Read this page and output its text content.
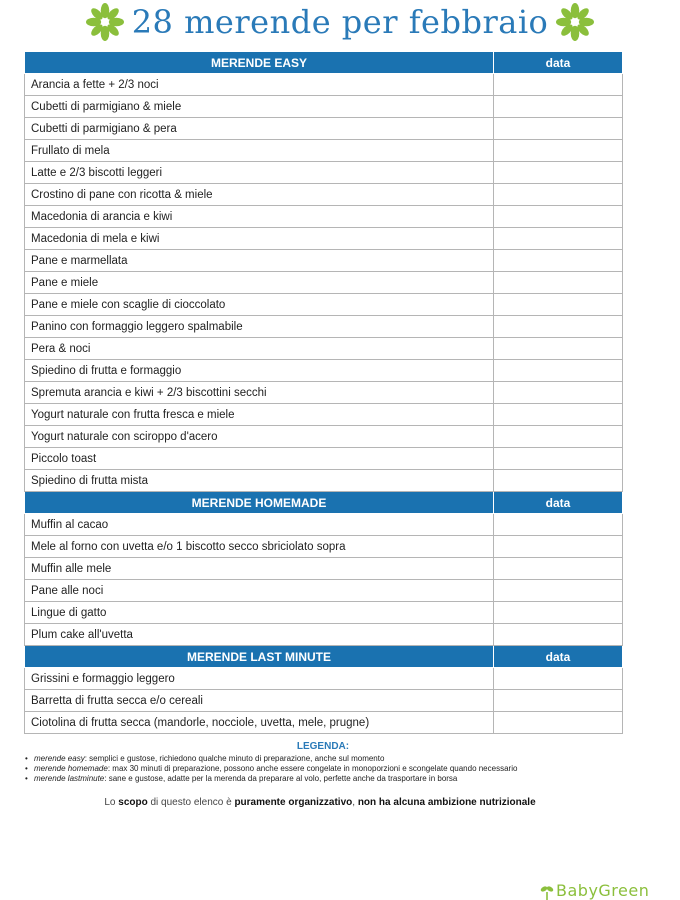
28 merende per febbraio
MERENDE EASY	data
Arancia a fette + 2/3 noci	
Cubetti di parmigiano & miele	
Cubetti di parmigiano & pera	
Frullato di mela	
Latte e 2/3 biscotti leggeri	
Crostino di pane con ricotta & miele	
Macedonia di arancia e kiwi	
Macedonia di mela e kiwi	
Pane e marmellata	
Pane e miele	
Pane e miele con scaglie di cioccolato	
Panino con formaggio leggero spalmabile	
Pera & noci	
Spiedino di frutta e formaggio	
Spremuta arancia e kiwi + 2/3 biscottini secchi	
Yogurt naturale con frutta fresca e miele	
Yogurt naturale con sciroppo d'acero	
Piccolo toast	
Spiedino di frutta mista	
MERENDE HOMEMADE	data
Muffin al cacao	
Mele al forno con uvetta e/o 1 biscotto secco sbriciolato sopra	
Muffin alle mele	
Pane alle noci	
Lingue di gatto	
Plum cake all'uvetta	
MERENDE LAST MINUTE	data
Grissini e formaggio leggero	
Barretta di frutta secca e/o cereali	
Ciotolina di frutta secca (mandorle, nocciole, uvetta, mele, prugne)	

LEGENDA:

• merende easy: semplici e gustose, richiedono qualche minuto di preparazione, anche sul momento
• merende homemade: max 30 minuti di preparazione, possono anche essere congelate in monoporzioni e scongelate quando necessario
• merende lastminute: sane e gustose, adatte per la merenda da preparare al volo, perfette anche da trasportare in borsa
Lo scopo di questo elenco è puramente organizzativo, non ha alcuna ambizione nutrizionale
BabyGreen
